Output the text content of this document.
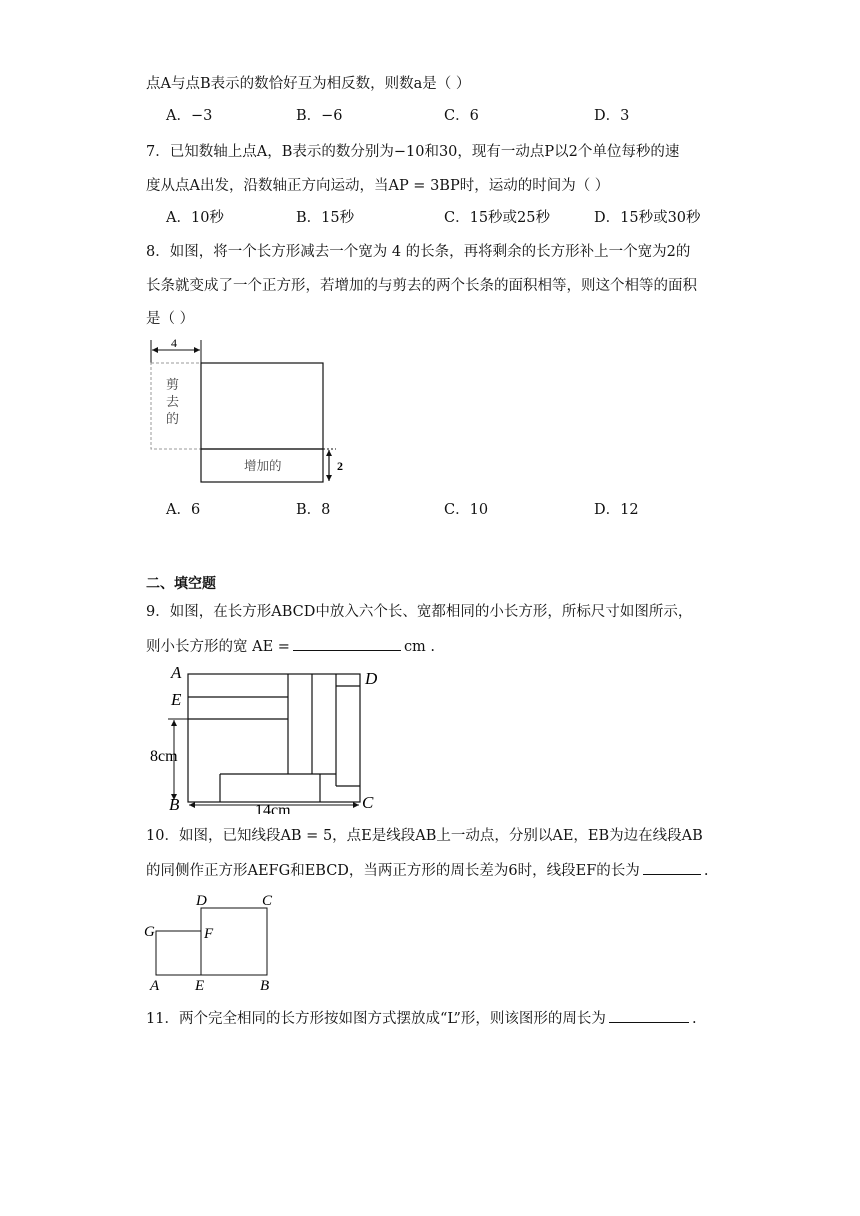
点A与点B表示的数恰好互为相反数，则数a是（ ）
A．−3	B．−6	C．6	D．3
7．已知数轴上点A，B表示的数分别为−10和30，现有一动点P以2个单位每秒的速
度从点A出发，沿数轴正方向运动，当AP = 3BP时，运动的时间为（ ）
A．10秒	B．15秒	C．15秒或25秒	D．15秒或30秒
8．如图，将一个长方形减去一个宽为 4 的长条，再将剩余的长方形补上一个宽为2的
长条就变成了一个正方形，若增加的与剪去的两个长条的面积相等，则这个相等的面积
是（ ）
4
剪
去
的
增加的	2
A．6	B．8	C．10	D．12
二、填空题
9．如图，在长方形ABCD中放入六个长、宽都相同的小长方形，所标尺寸如图所示，
则小长方形的宽 AE =	cm .
8cm
14cm
A
E
B	C
D
10．如图，已知线段AB = 5，点E是线段AB上一动点，分别以AE，EB为边在线段AB
的同侧作正方形AEFG和EBCD，当两正方形的周长差为6时，线段EF的长为	.
D	C
G	F
A E	B
11．两个完全相同的长方形按如图方式摆放成“L”形，则该图形的周长为	.
